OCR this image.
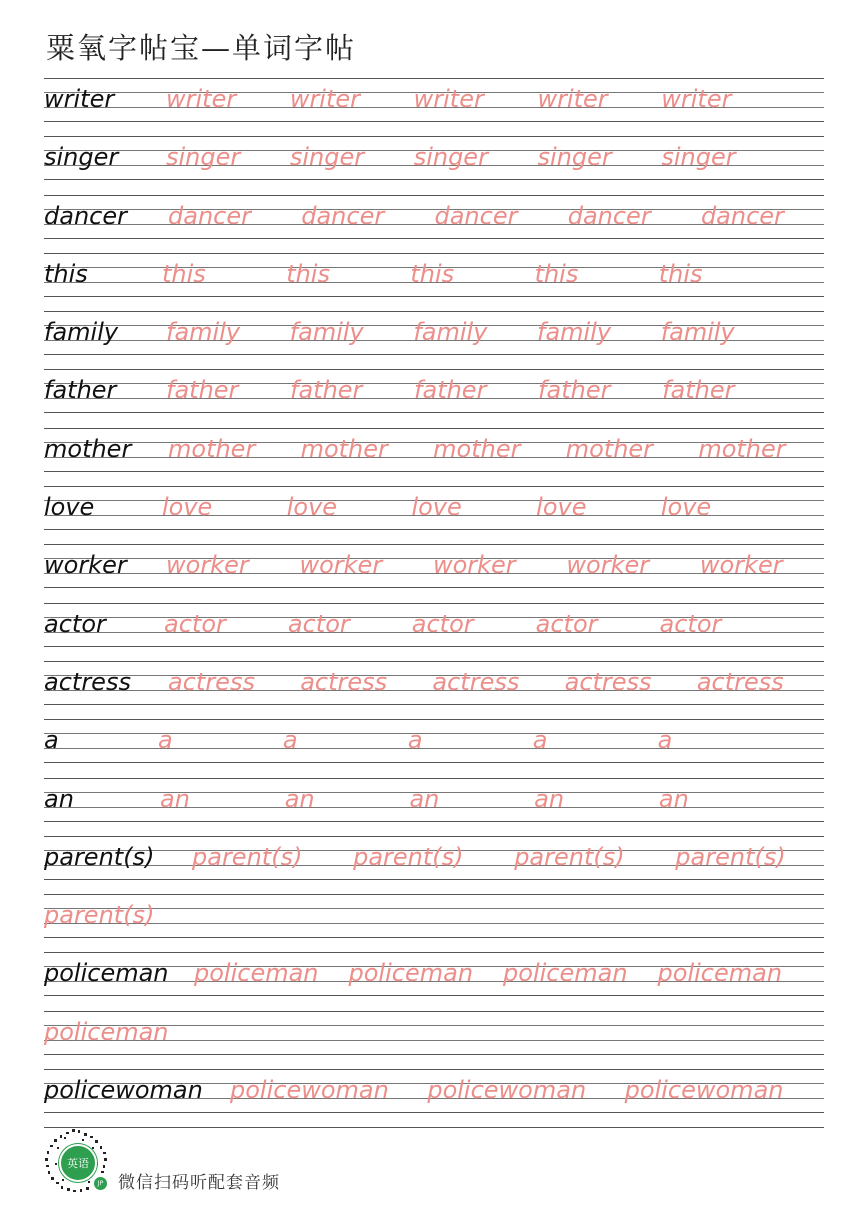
粟氧字帖宝—单词字帖
writer	writer writer writer writer writer
singer	singer singer singer singer singer
dancer	dancer dancer dancer dancer dancer
this	this	this	this	this	this
family	family family family family family
father	father father father father father
mother	mother mother mother mother mother
love	love	love	love	love	love
worker	worker worker worker worker worker
actor	actor	actor	actor	actor	actor
actress	actress actress actress actress actress
a	a	a	a	a	a
an	an	an	an	an	an
parent(s)	parent(s) parent(s) parent(s) parent(s)
parent(s)
policeman	policeman policeman policeman policeman
policeman
policewoman	policewoman policewoman policewoman
英语
JP 微信扫码听配套音频
